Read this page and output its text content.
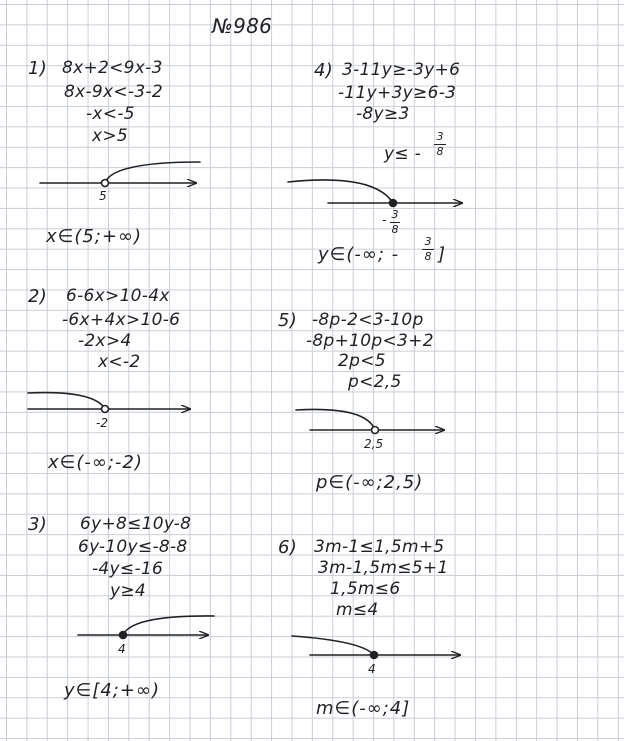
№986
1) 8x+2<9x-3
8x-9x<-3-2
-x<-5
x>5
5
x∈(5;+∞)
2) 6-6x>10-4x
-6x+4x>10-6
-2x>4
x<-2
-2
x∈(-∞;-2)
3) 6y+8≤10y-8
6y-10y≤-8-8
-4y≤-16
y≥4
4
y∈[4;+∞)
4) 3-11y≥-3y+6
-11y+3y≥6-3
-8y≥3
y≤ -
3
8
- 3
8
y∈(-∞; -
3
8 ]
5) -8p-2<3-10p
-8p+10p<3+2
2p<5
p<2,5
2,5
p∈(-∞;2,5)
6) 3m-1≤1,5m+5
3m-1,5m≤5+1
1,5m≤6
m≤4
4
m∈(-∞;4]
